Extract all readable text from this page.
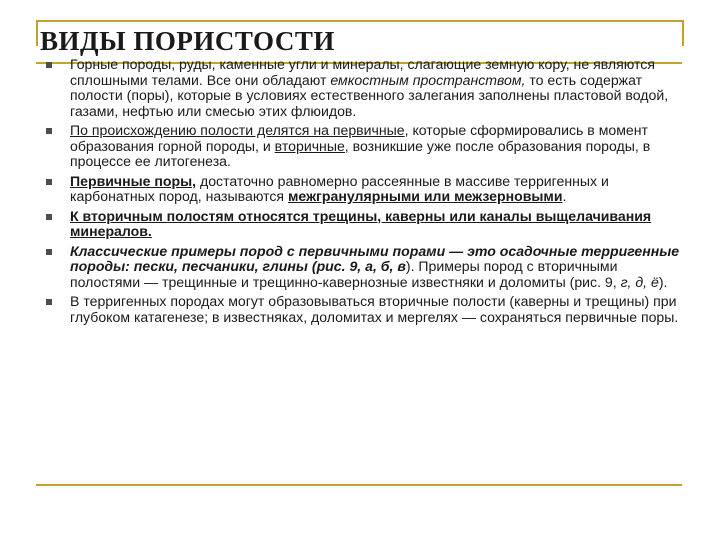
ВИДЫ ПОРИСТОСТИ
Горные породы, руды, каменные угли и минералы, слагающие земную кору, не являются сплошными телами. Все они обладают емкостным пространством, то есть содержат полости (поры), которые в условиях естественного залегания заполнены пластовой водой, газами, нефтью или смесью этих флюидов.
По происхождению полости делятся на первичные, которые сформировались в момент образования горной породы, и вторичные, возникшие уже после образования породы, в процессе ее литогенеза.
Первичные поры, достаточно равномерно рассеянные в массиве терригенных и карбонатных пород, называются межгранулярными или межзерновыми.
К вторичным полостям относятся трещины, каверны или каналы выщелачивания минералов.
Классические примеры пород с первичными порами — это осадочные терригенные породы: пески, песчаники, глины (рис. 9, а, б, в). Примеры пород с вторичными полостями — трещинные и трещинно-кавернозные известняки и доломиты (рис. 9, г, д, ё).
В терригенных породах могут образовываться вторичные полости (каверны и трещины) при глубоком катагенезе; в известняках, доломитах и мергелях — сохраняться первичные поры.
